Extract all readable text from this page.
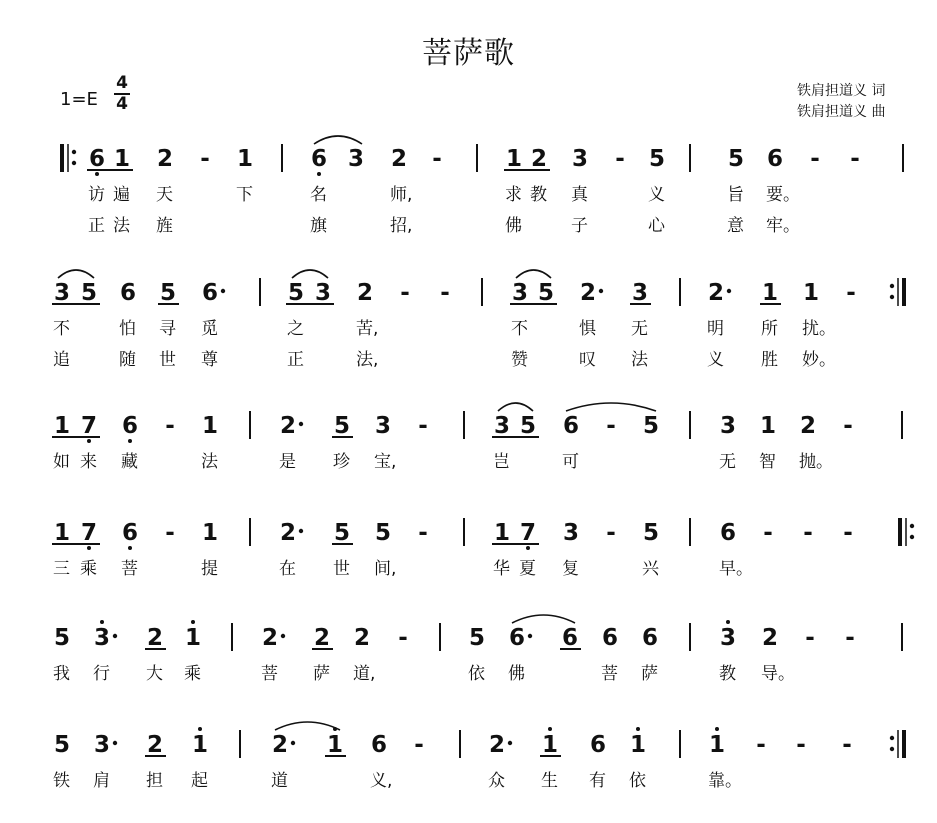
菩萨歌
1=E
4
4
铁肩担道义 词
铁肩担道义 曲
6 1 2 - 1	6 3 2 -	1 2 3 - 5	5 6 - -
访 遍 天	下	名	师,	求 教 真	义	旨 要。
正 法 旌	旗	招,	佛	子	心	意 牢。
3 5 6 5 6	5 3 2 - -	3 5 2 3	2 1 1 -
不	怕 寻 觅	之	苦,	不	惧 无	明 所 扰。
追	随 世 尊	正	法,	赞	叹 法	义 胜 妙。
1 7 6 - 1	2 5 3 -	3 5 6 - 5	3 1 2 -
如 来 藏	法	是 珍 宝,	岂	可	无 智 抛。
1 7 6 - 1	2 5 5 -	1 7 3 - 5	6 - - -
三 乘 菩	提	在 世 间,	华 夏 复	兴	早。
5 3 2 1	2 2 2 -	5 6 6 6 6	3 2 - -
我 行 大 乘	菩 萨 道,	依 佛	菩 萨	教 导。
5 3 2 1	2 1 6 -	2 1 6 1	1 - - -
铁 肩 担 起	道	义,	众 生 有 依	靠。
